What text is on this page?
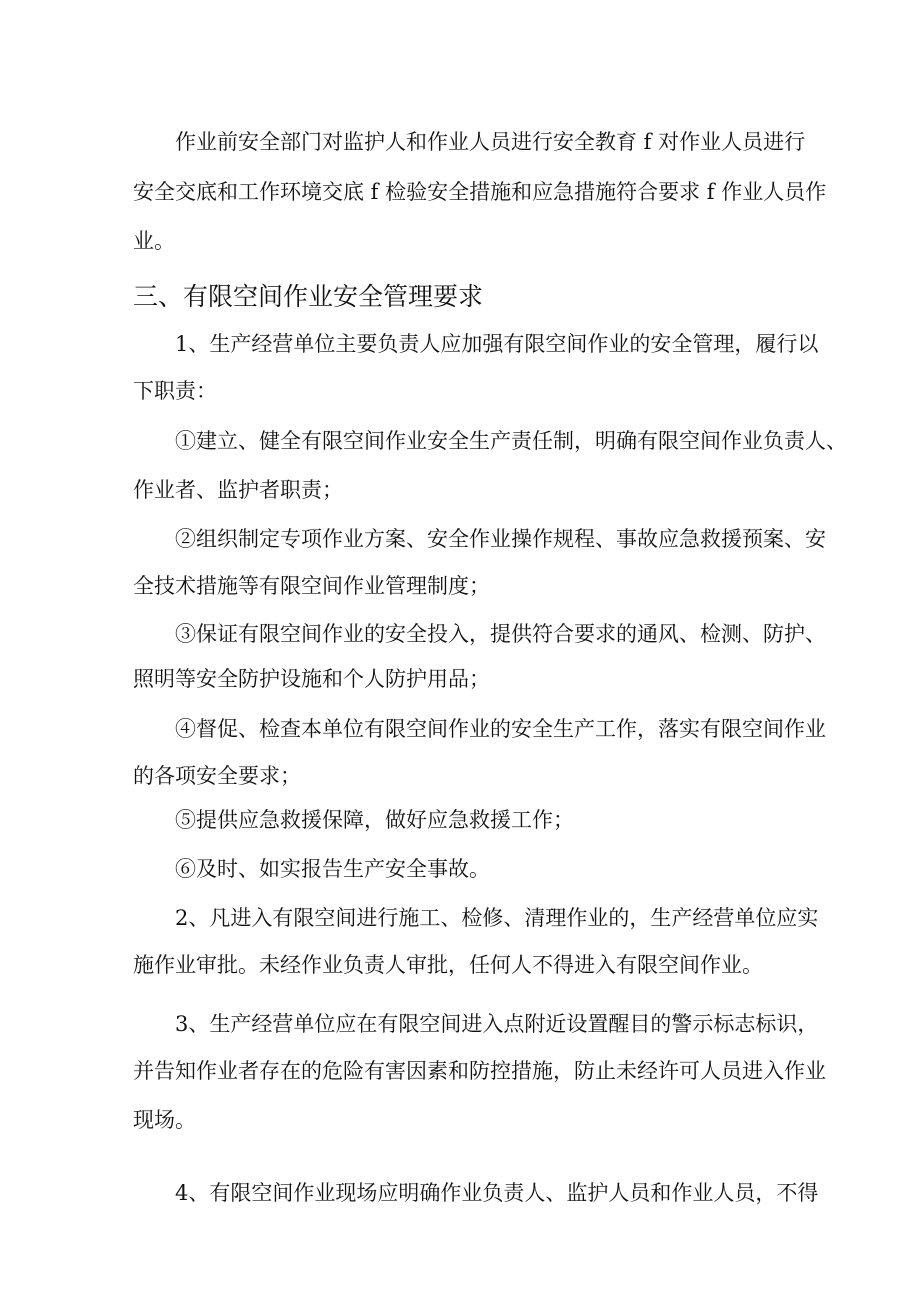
作业前安全部门对监护人和作业人员进行安全教育 f 对作业人员进行
安全交底和工作环境交底 f 检验安全措施和应急措施符合要求 f 作业人员作
业。
三、有限空间作业安全管理要求
1、生产经营单位主要负责人应加强有限空间作业的安全管理，履行以
下职责：
①建立、健全有限空间作业安全生产责任制，明确有限空间作业负责人、
作业者、监护者职责；
②组织制定专项作业方案、安全作业操作规程、事故应急救援预案、安
全技术措施等有限空间作业管理制度；
③保证有限空间作业的安全投入，提供符合要求的通风、检测、防护、
照明等安全防护设施和个人防护用品；
④督促、检查本单位有限空间作业的安全生产工作，落实有限空间作业
的各项安全要求；
⑤提供应急救援保障，做好应急救援工作；
⑥及时、如实报告生产安全事故。
2、凡进入有限空间进行施工、检修、清理作业的，生产经营单位应实
施作业审批。未经作业负责人审批，任何人不得进入有限空间作业。
3、生产经营单位应在有限空间进入点附近设置醒目的警示标志标识，
并告知作业者存在的危险有害因素和防控措施，防止未经许可人员进入作业
现场。
4、有限空间作业现场应明确作业负责人、监护人员和作业人员，不得
